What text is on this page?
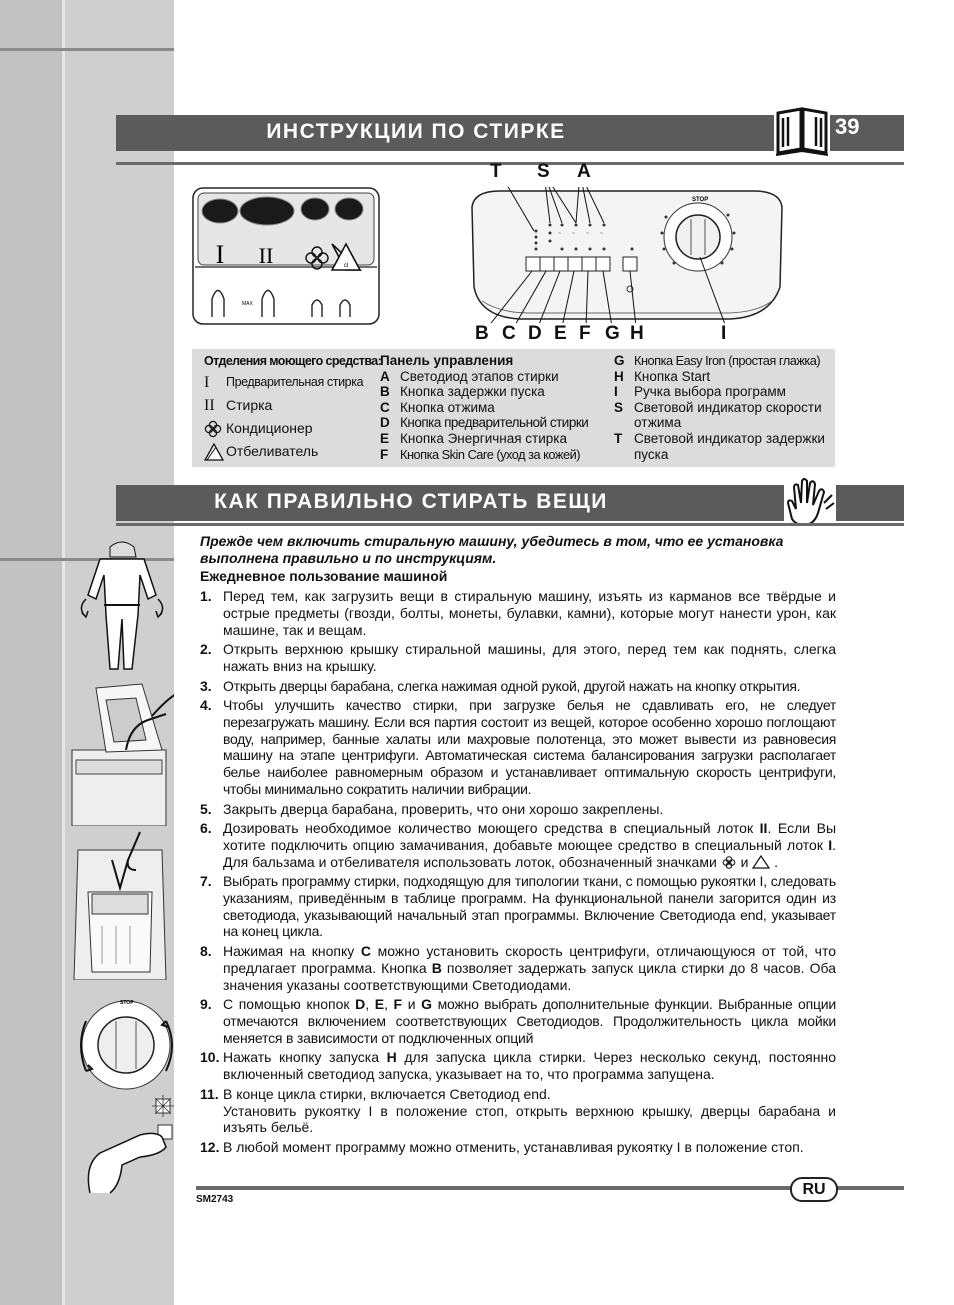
ИНСТРУКЦИИ ПО СТИРКЕ	39
I II	cl
MAX
~ ~ ~ ~
STOP
T S A
B C D E F G H	I
Отделения моющего средства:
I	Предварительная стирка
II Стирка
Кондиционер
Отбеливатель
Панель управления
A Светодиод этапов стирки
B Кнопка задержки пуска
C Кнопка отжима
D Кнопка предварительной стирки
E Кнопка Энергичная стирка
F Кнопка Skin Care (уход за кожей)
G Кнопка Easy Iron (простая глажка)
H Кнопка Start
I Ручка выбора программ
S Световой индикатор скорости отжима
T Световой индикатор задержки пуска
КАК ПРАВИЛЬНО СТИРАТЬ ВЕЩИ
STOP
Прежде чем включить стиральную машину, убедитесь в том, что ее установка выполнена правильно и по инструкциям.
Ежедневное пользование машиной
1. Перед тем, как загрузить вещи в стиральную машину, изъять из карманов все твёрдые и острые предметы (гвозди, болты, монеты, булавки, камни), которые могут нанести урон, как машине, так и вещам.
2. Открыть верхнюю крышку стиральной машины, для этого, перед тем как поднять, слегка нажать вниз на крышку.
3. Открыть дверцы барабана, слегка нажимая одной рукой, другой нажать на кнопку открытия.
4. Чтобы улучшить качество стирки, при загрузке белья не сдавливать его, не следует перезагружать машину. Если вся партия состоит из вещей, которое особенно хорошо поглощают воду, например, банные халаты или махровые полотенца, это может вывести из равновесия машину на этапе центрифуги. Автоматическая система балансирования загрузки располагает белье наиболее равномерным образом и устанавливает оптимальную скорость центрифуги, чтобы минимально сократить наличии вибрации.
5. Закрыть дверца барабана, проверить, что они хорошо закреплены.
6. Дозировать необходимое количество моющего средства в специальный лоток II. Если Вы хотите подключить опцию замачивания, добавьте моющее средство в специальный лоток I. Для бальзама и отбеливателя использовать лоток, обозначенный значками и .
7. Выбрать программу стирки, подходящую для типологии ткани, с помощью рукоятки I, следовать указаниям, приведённым в таблице программ. На функциональной панели загорится один из светодиода, указывающий начальный этап программы. Включение Светодиода end, указывает на конец цикла.
8. Нажимая на кнопку C можно установить скорость центрифуги, отличающуюся от той, что предлагает программа. Кнопка B позволяет задержать запуск цикла стирки до 8 часов. Оба значения указаны соответствующими Светодиодами.
9. С помощью кнопок D, E, F и G можно выбрать дополнительные функции. Выбранные опции отмечаются включением соответствующих Светодиодов. Продолжительность цикла мойки меняется в зависимости от подключенных опций
10. Нажать кнопку запуска H для запуска цикла стирки. Через несколько секунд, постоянно включенный светодиод запуска, указывает на то, что программа запущена.
11. В конце цикла стирки, включается Светодиод end.
Установить рукоятку I в положение стоп, открыть верхнюю крышку, дверцы барабана и изъять бельё.
12. В любой момент программу можно отменить, устанавливая рукоятку I в положение стоп.
SM2743
RU
